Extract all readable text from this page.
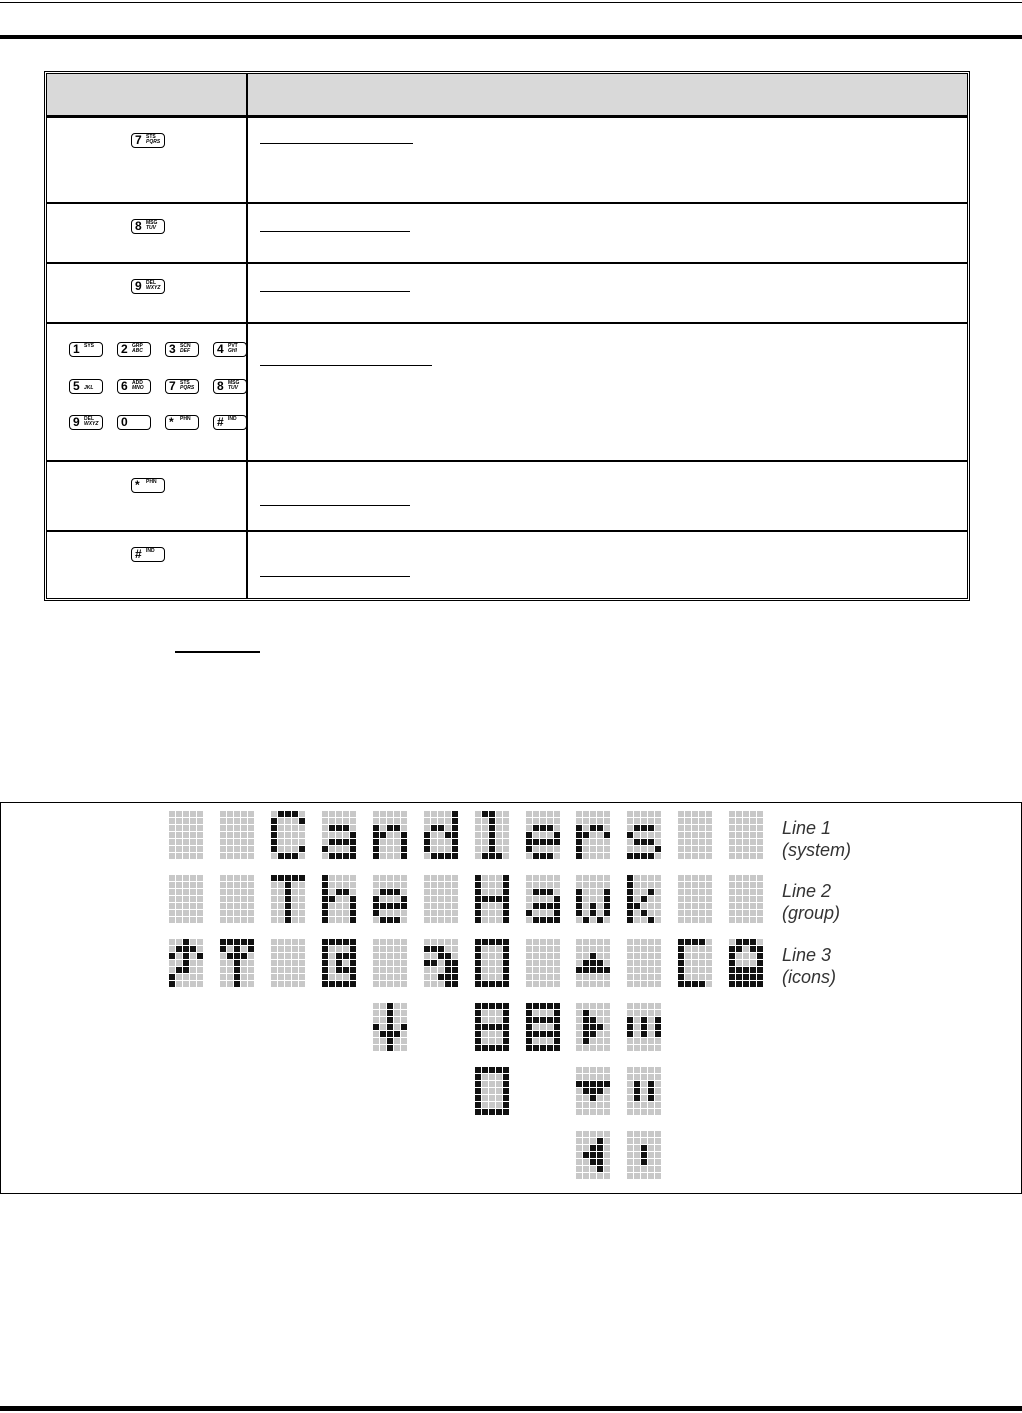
7 STS
PQRS
8 MSG
TUV
9 DEL
WXYZ
1 SYS 2 GRP
ABC 3 SCN
DEF 4 PVT
GHI
5 JKL 6 ADD
MNO 7 STS
PQRS 8 MSG
TUV
9 DEL
WXYZ 0	* PHN # IND
* PHN
# IND
Line 1
(system)
Line 2
(group)
Line 3
(icons)
